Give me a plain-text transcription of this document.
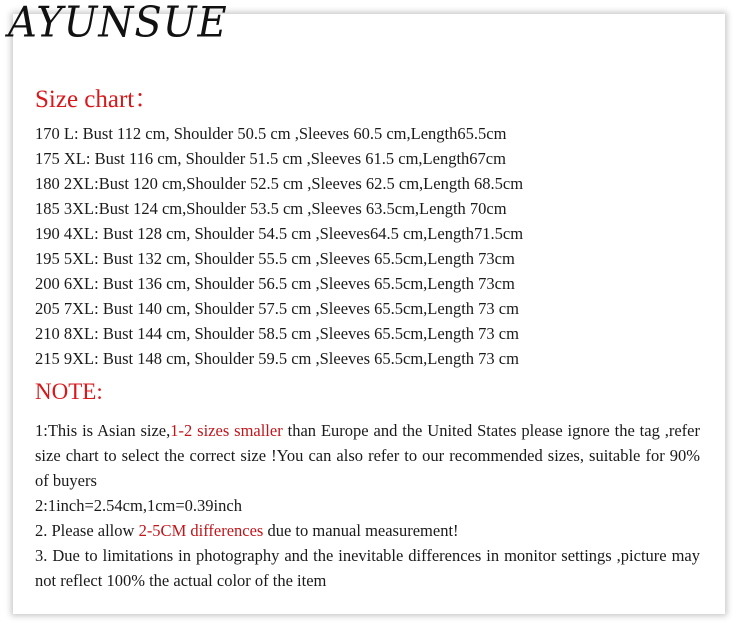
AYUNSUE
Size chart：
170 L: Bust 112 cm, Shoulder 50.5 cm ,Sleeves 60.5 cm,Length65.5cm
175 XL: Bust 116 cm, Shoulder 51.5 cm ,Sleeves 61.5 cm,Length67cm
180 2XL:Bust 120 cm,Shoulder 52.5 cm ,Sleeves 62.5 cm,Length 68.5cm
185 3XL:Bust 124 cm,Shoulder 53.5 cm ,Sleeves 63.5cm,Length 70cm
190 4XL: Bust 128 cm, Shoulder 54.5 cm ,Sleeves64.5 cm,Length71.5cm
195 5XL: Bust 132 cm, Shoulder 55.5 cm ,Sleeves 65.5cm,Length 73cm
200 6XL: Bust 136 cm, Shoulder 56.5 cm ,Sleeves 65.5cm,Length 73cm
205 7XL: Bust 140 cm, Shoulder 57.5 cm ,Sleeves 65.5cm,Length 73 cm
210 8XL: Bust 144 cm, Shoulder 58.5 cm ,Sleeves 65.5cm,Length 73 cm
215 9XL: Bust 148 cm, Shoulder 59.5 cm ,Sleeves 65.5cm,Length 73 cm
NOTE:

1:This is Asian size,1-2 sizes smaller than Europe and the United States please ignore the tag ,refer size chart to select the correct size !You can also refer to our recommended sizes, suitable for 90% of buyers

2:1inch=2.54cm,1cm=0.39inch

2. Please allow 2-5CM differences due to manual measurement!

3. Due to limitations in photography and the inevitable differences in monitor settings ,picture may not reflect 100% the actual color of the item
